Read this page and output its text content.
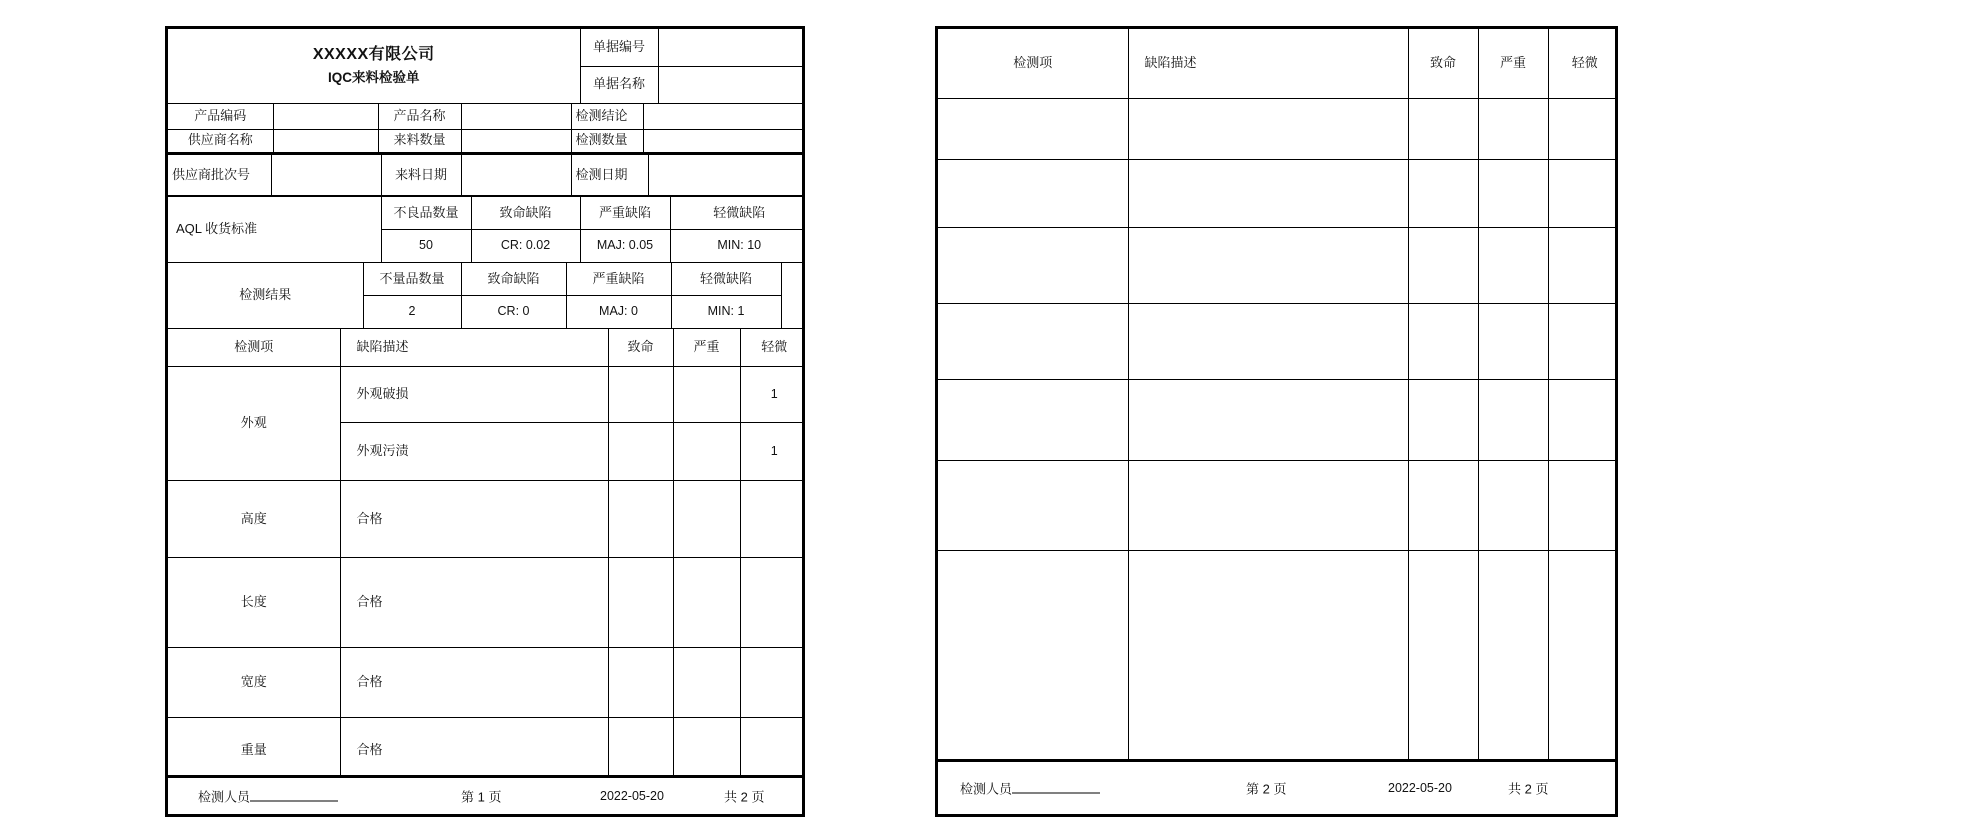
XXXXX有限公司
IQC来料检验单	单据编号	
	单据名称	
产品编码		产品名称		检测结论	
供应商名称		来料数量		检测数量	
供应商批次号		来料日期		检测日期	
AQL 收货标准	不良品数量	致命缺陷	严重缺陷	轻微缺陷
	50	CR: 0.02	MAJ: 0.05	MIN: 10
检测结果	不量品数量	致命缺陷	严重缺陷	轻微缺陷	
	2	CR: 0	MAJ: 0	MIN: 1	
检测项	缺陷描述	致命	严重	轻微
外观	外观破损			1
	外观污渍			1
高度	合格			
长度	合格			
宽度	合格			
重量	合格			
检测人员	第 1 页	2022-05-20	共 2 页
检测项	缺陷描述	致命	严重	轻微

检测人员	第 2 页	2022-05-20	共 2 页
